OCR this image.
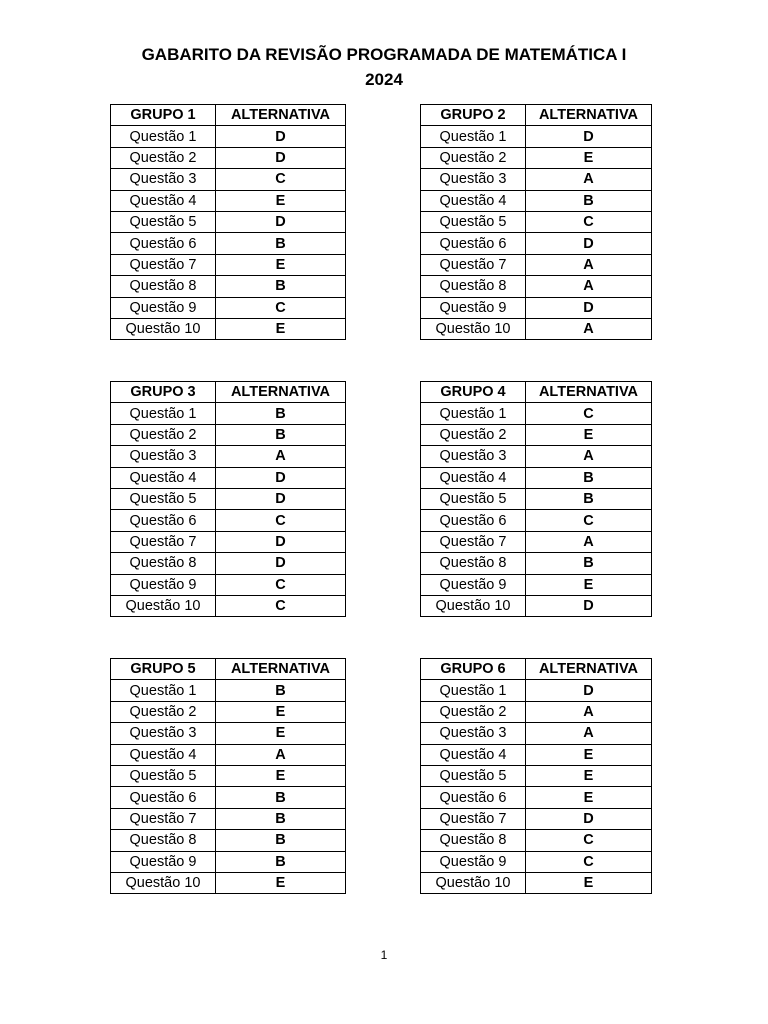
GABARITO DA REVISÃO PROGRAMADA DE MATEMÁTICA I
2024
GRUPO 1	ALTERNATIVA
Questão 1	D
Questão 2	D
Questão 3	C
Questão 4	E
Questão 5	D
Questão 6	B
Questão 7	E
Questão 8	B
Questão 9	C
Questão 10	E
GRUPO 2	ALTERNATIVA
Questão 1	D
Questão 2	E
Questão 3	A
Questão 4	B
Questão 5	C
Questão 6	D
Questão 7	A
Questão 8	A
Questão 9	D
Questão 10	A
GRUPO 3	ALTERNATIVA
Questão 1	B
Questão 2	B
Questão 3	A
Questão 4	D
Questão 5	D
Questão 6	C
Questão 7	D
Questão 8	D
Questão 9	C
Questão 10	C
GRUPO 4	ALTERNATIVA
Questão 1	C
Questão 2	E
Questão 3	A
Questão 4	B
Questão 5	B
Questão 6	C
Questão 7	A
Questão 8	B
Questão 9	E
Questão 10	D
GRUPO 5	ALTERNATIVA
Questão 1	B
Questão 2	E
Questão 3	E
Questão 4	A
Questão 5	E
Questão 6	B
Questão 7	B
Questão 8	B
Questão 9	B
Questão 10	E
GRUPO 6	ALTERNATIVA
Questão 1	D
Questão 2	A
Questão 3	A
Questão 4	E
Questão 5	E
Questão 6	E
Questão 7	D
Questão 8	C
Questão 9	C
Questão 10	E
1
